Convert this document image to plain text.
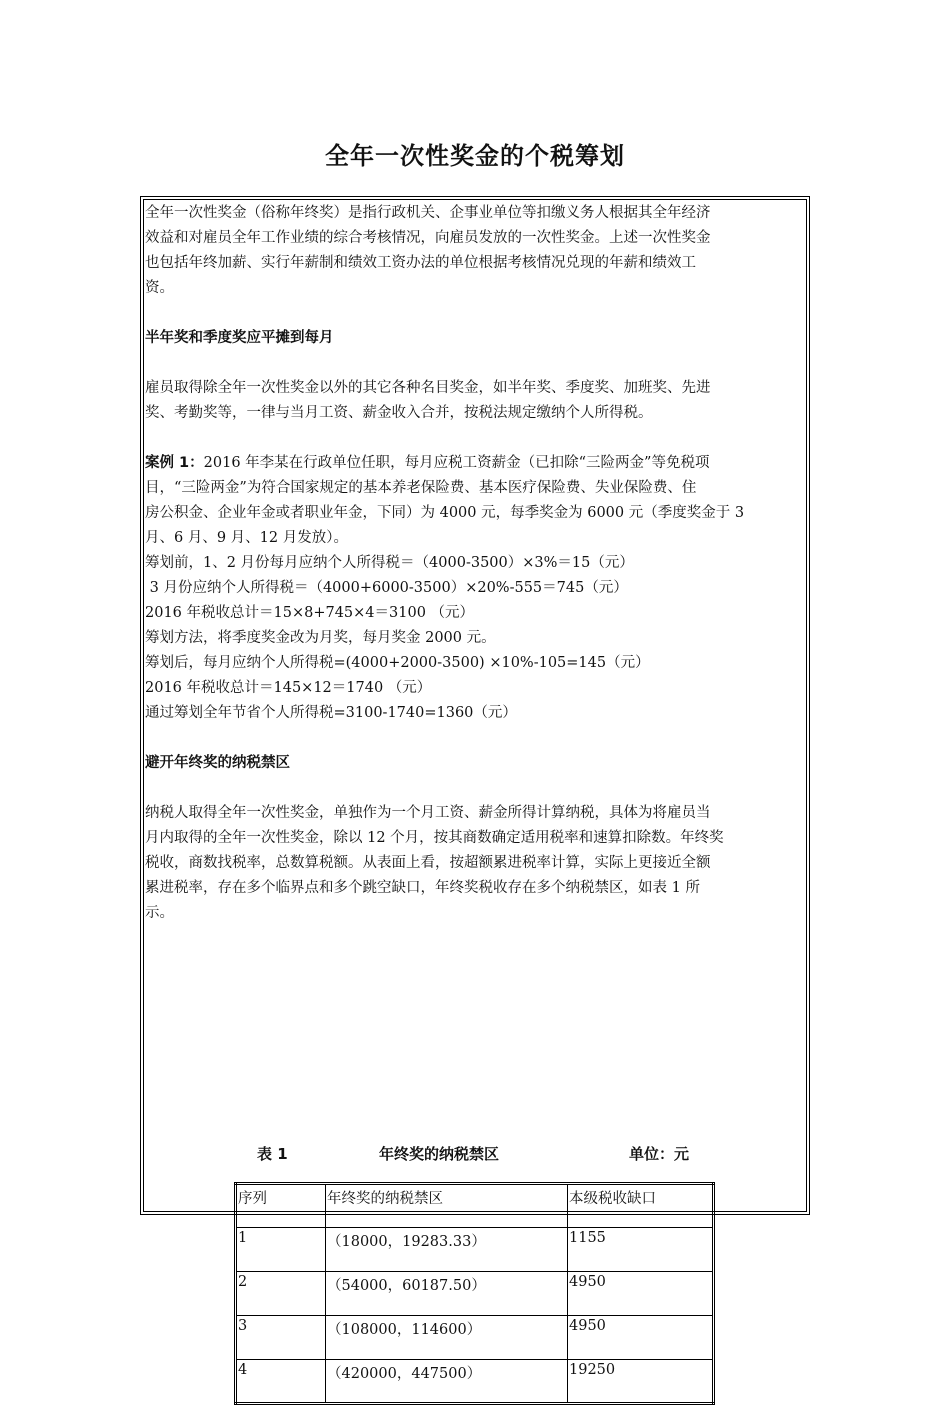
全年一次性奖金的个税筹划

全年一次性奖金（俗称年终奖）是指行政机关、企事业单位等扣缴义务人根据其全年经济

效益和对雇员全年工作业绩的综合考核情况，向雇员发放的一次性奖金。上述一次性奖金

也包括年终加薪、实行年薪制和绩效工资办法的单位根据考核情况兑现的年薪和绩效工

资。

半年奖和季度奖应平摊到每月

雇员取得除全年一次性奖金以外的其它各种名目奖金，如半年奖、季度奖、加班奖、先进

奖、考勤奖等，一律与当月工资、薪金收入合并，按税法规定缴纳个人所得税。

案例 1：2016 年李某在行政单位任职，每月应税工资薪金（已扣除“三险两金”等免税项

目，“三险两金”为符合国家规定的基本养老保险费、基本医疗保险费、失业保险费、住

房公积金、企业年金或者职业年金，下同）为 4000 元，每季奖金为 6000 元（季度奖金于 3

月、6 月、9 月、12 月发放）。

筹划前，1、2 月份每月应纳个人所得税＝（4000-3500）×3%＝15（元）

3 月份应纳个人所得税＝（4000+6000-3500）×20%-555＝745（元）

2016 年税收总计＝15×8+745×4＝3100 （元）

筹划方法，将季度奖金改为月奖，每月奖金 2000 元。

筹划后，每月应纳个人所得税=(4000+2000-3500) ×10%-105=145（元）

2016 年税收总计＝145×12＝1740 （元）

通过筹划全年节省个人所得税=3100-1740=1360（元）

避开年终奖的纳税禁区

纳税人取得全年一次性奖金，单独作为一个月工资、薪金所得计算纳税，具体为将雇员当

月内取得的全年一次性奖金，除以 12 个月，按其商数确定适用税率和速算扣除数。年终奖

税收，商数找税率，总数算税额。从表面上看，按超额累进税率计算，实际上更接近全额

累进税率，存在多个临界点和多个跳空缺口，年终奖税收存在多个纳税禁区，如表 1 所

示。

表 1	年终奖的纳税禁区	单位：元
序列	年终奖的纳税禁区	本级税收缺口
1	（18000，19283.33）	1155
2	（54000，60187.50）	4950
3	（108000，114600）	4950
4	（420000，447500）	19250
